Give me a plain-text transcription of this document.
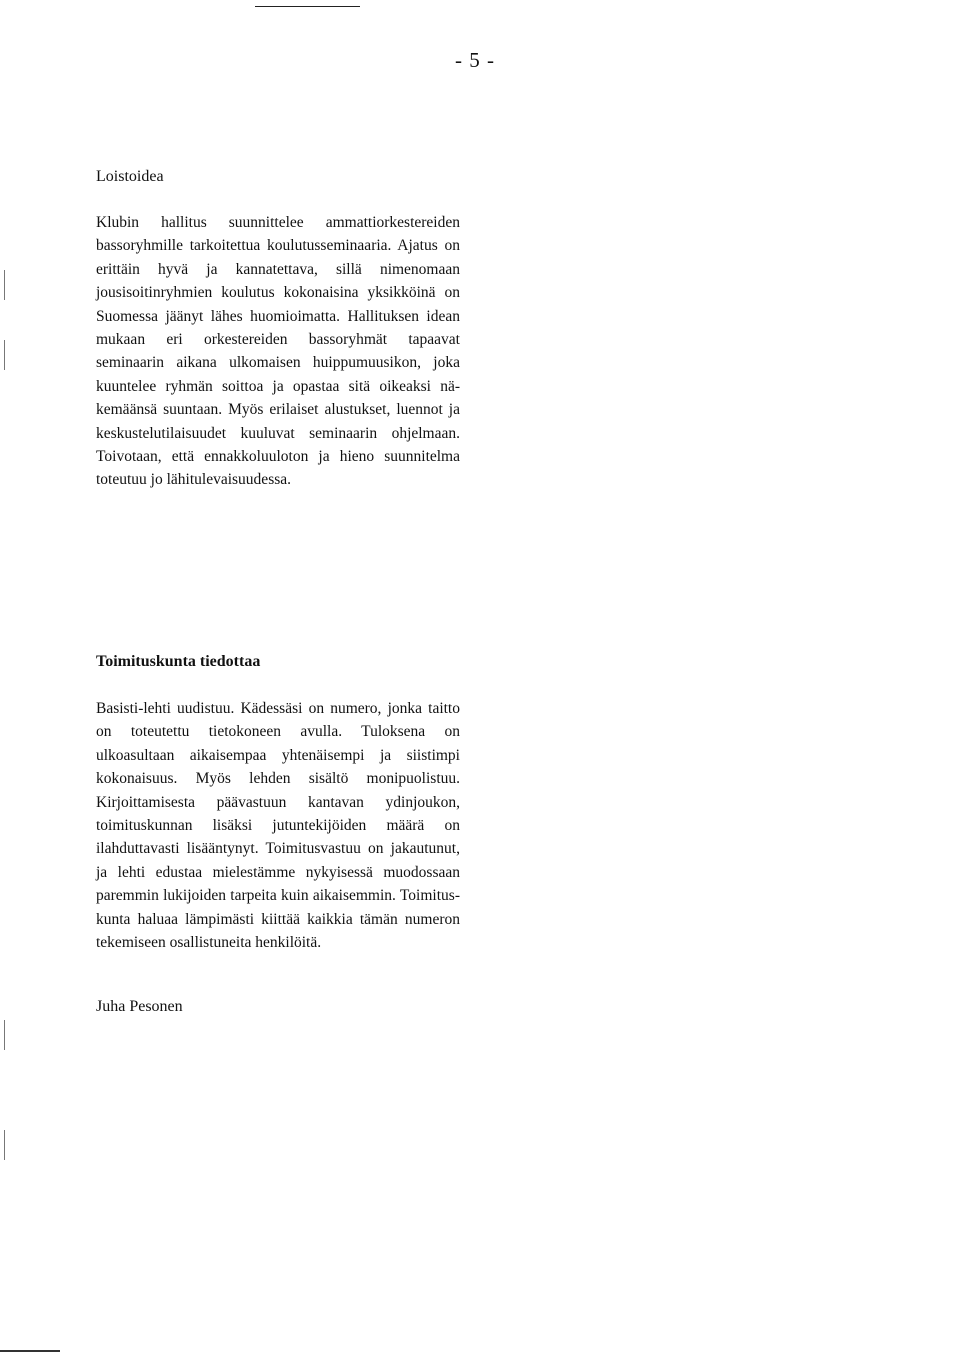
- 5 -
Loistoidea

Klubin hallitus suunnittelee ammattiorkestereiden bassoryhmille tarkoitettua koulutusseminaaria. Ajatus on erittäin hyvä ja kannatettava, sillä nimenomaan jousisoitinryhmien koulutus kokonaisina yksikköinä on Suomessa jäänyt lähes huomioimatta. Hallituksen idean mukaan eri orkestereiden bassoryhmät tapaavat seminaarin aikana ulkomaisen huippumuusikon, joka kuuntelee ryhmän soittoa ja opastaa sitä oikeaksi näkemäänsä suuntaan. Myös erilaiset alustukset, luennot ja keskustelutilaisuudet kuuluvat seminaarin ohjelmaan. Toivotaan, että ennakkoluuloton ja hieno suunnitelma toteutuu jo lähitulevaisuudessa.

Toimituskunta tiedottaa

Basisti-lehti uudistuu. Kädessäsi on numero, jonka taitto on toteutettu tietokoneen avulla. Tuloksena on ulkoasultaan aikaisempaa yhtenäisempi ja siistimpi kokonaisuus. Myös lehden sisältö monipuolistuu. Kirjoittamisesta päävastuun kantavan ydinjoukon, toimituskunnan lisäksi jutuntekijöiden määrä on ilahduttavasti lisääntynyt. Toimitusvastuu on jakautunut, ja lehti edustaa mielestämme nykyisessä muodossaan paremmin lukijoiden tarpeita kuin aikaisemmin. Toimituskunta haluaa lämpimästi kiittää kaikkia tämän numeron tekemiseen osallistuneita henkilöitä.

Juha Pesonen
